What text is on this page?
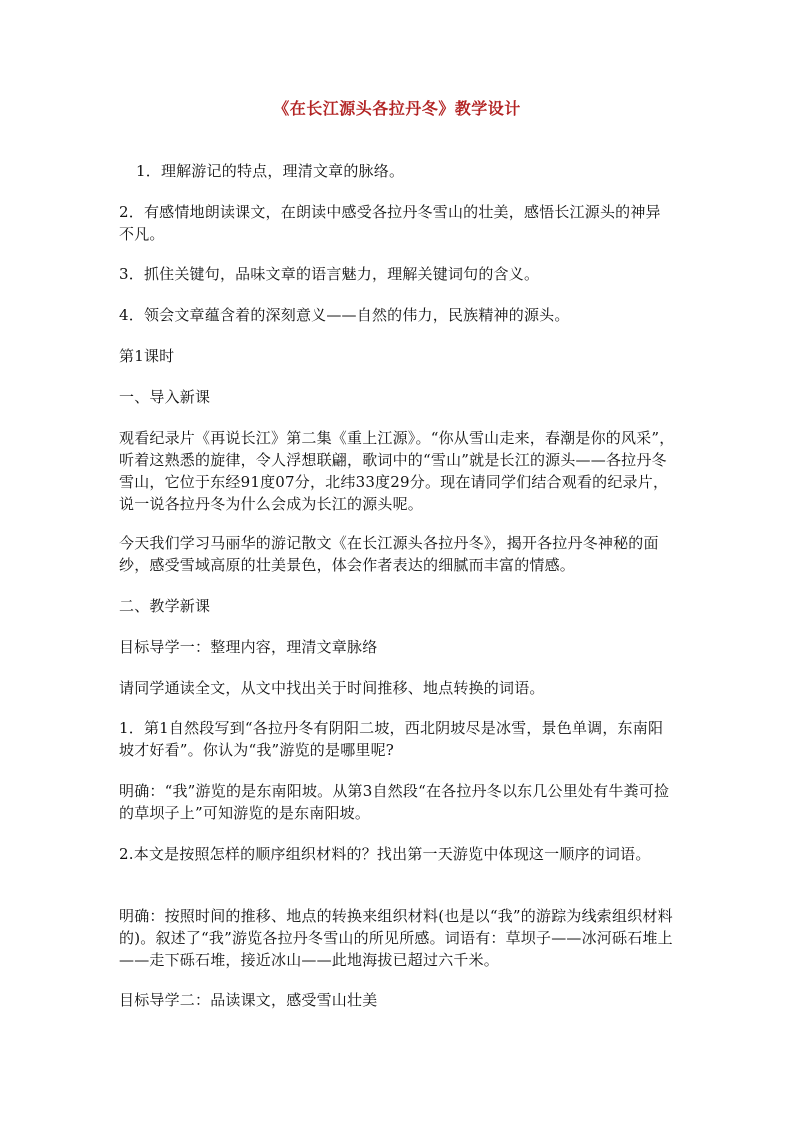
《在长江源头各拉丹冬》教学设计
1．理解游记的特点，理清文章的脉络。
2．有感情地朗读课文，在朗读中感受各拉丹冬雪山的壮美，感悟长江源头的神异不凡。
3．抓住关键句，品味文章的语言魅力，理解关键词句的含义。
4．领会文章蕴含着的深刻意义——自然的伟力，民族精神的源头。
第1课时
一、导入新课
观看纪录片《再说长江》第二集《重上江源》。“你从雪山走来，春潮是你的风采”，听着这熟悉的旋律，令人浮想联翩，歌词中的“雪山”就是长江的源头——各拉丹冬雪山，它位于东经91度07分，北纬33度29分。现在请同学们结合观看的纪录片，说一说各拉丹冬为什么会成为长江的源头呢。
今天我们学习马丽华的游记散文《在长江源头各拉丹冬》，揭开各拉丹冬神秘的面纱，感受雪域高原的壮美景色，体会作者表达的细腻而丰富的情感。
二、教学新课
目标导学一：整理内容，理清文章脉络
请同学通读全文，从文中找出关于时间推移、地点转换的词语。
1．第1自然段写到“各拉丹冬有阴阳二坡，西北阴坡尽是冰雪，景色单调，东南阳坡才好看”。你认为“我”游览的是哪里呢?
明确：“我”游览的是东南阳坡。从第3自然段“在各拉丹冬以东几公里处有牛粪可捡的草坝子上”可知游览的是东南阳坡。
2.本文是按照怎样的顺序组织材料的？找出第一天游览中体现这一顺序的词语。
明确：按照时间的推移、地点的转换来组织材料(也是以“我”的游踪为线索组织材料的)。叙述了“我”游览各拉丹冬雪山的所见所感。词语有：草坝子——冰河砾石堆上——走下砾石堆，接近冰山——此地海拔已超过六千米。
目标导学二：品读课文，感受雪山壮美
